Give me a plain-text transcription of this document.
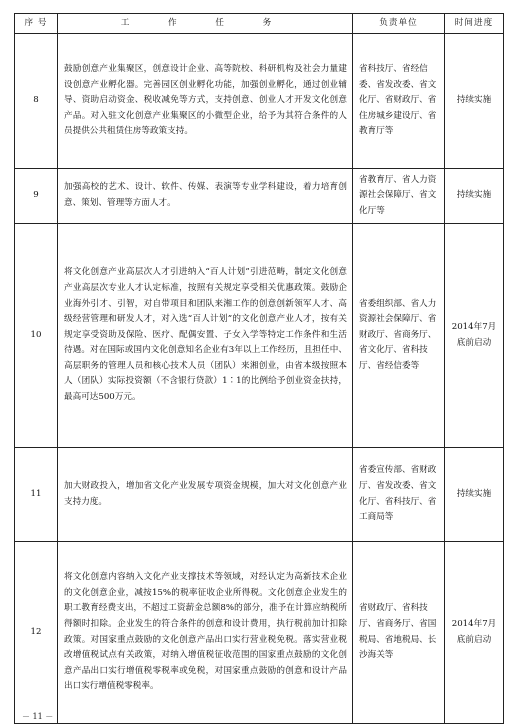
序 号	工 作 任 务	负责单位	时间进度
8	鼓励创意产业集聚区，创意设计企业、高等院校、科研机构及社会力量建设创意产业孵化器。完善园区创业孵化功能，加强创业孵化，通过创业辅导、资助启动资金、税收减免等方式，支持创意、创业人才开发文化创意产品。对入驻文化创意产业集聚区的小微型企业，给予为其符合条件的人员提供公共租赁住房等政策支持。	省科技厅、省经信委、省发改委、省文化厅、省财政厅、省住房城乡建设厅、省教育厅等	持续实施
9	加强高校的艺术、设计、软件、传媒、表演等专业学科建设，着力培育创意、策划、管理等方面人才。	省教育厅、省人力资源社会保障厅、省文化厅等	持续实施
10	将文化创意产业高层次人才引进纳入“百人计划”引进范畴，制定文化创意产业高层次专业人才认定标准，按照有关规定享受相关优惠政策。鼓励企业海外引才、引智，对自带项目和团队来湘工作的创意创新领军人才、高级经营管理和研发人才，对入选“百人计划”的文化创意产业人才，按有关规定享受资助及保险、医疗、配偶安置、子女入学等特定工作条件和生活待遇。对在国际或国内文化创意知名企业有3年以上工作经历，且担任中、高层职务的管理人员和核心技术人员（团队）来湘创业，由省本级按照本人（团队）实际投资额（不含银行贷款）1∶1的比例给予创业资金扶持，最高可达500万元。	省委组织部、省人力资源社会保障厅、省财政厅、省商务厅、省文化厅、省科技厅、省经信委等	2014年7月底前启动
11	加大财政投入，增加省文化产业发展专项资金规模，加大对文化创意产业支持力度。	省委宣传部、省财政厅、省发改委、省文化厅、省科技厅、省工商局等	持续实施
12	将文化创意内容纳入文化产业支撑技术等领域，对经认定为高新技术企业的文化创意企业，减按15%的税率征收企业所得税。文化创意企业发生的职工教育经费支出，不超过工资薪金总额8%的部分，准予在计算应纳税所得额时扣除。企业发生的符合条件的创意和设计费用，执行税前加计扣除政策。对国家重点鼓励的文化创意产品出口实行营业税免税。落实营业税改增值税试点有关政策，对纳入增值税征收范围的国家重点鼓励的文化创意产品出口实行增值税零税率或免税，对国家重点鼓励的创意和设计产品出口实行增值税零税率。	省财政厅、省科技厅、省商务厅、省国税局、省地税局、长沙海关等	2014年7月底前启动
－ 11 －
